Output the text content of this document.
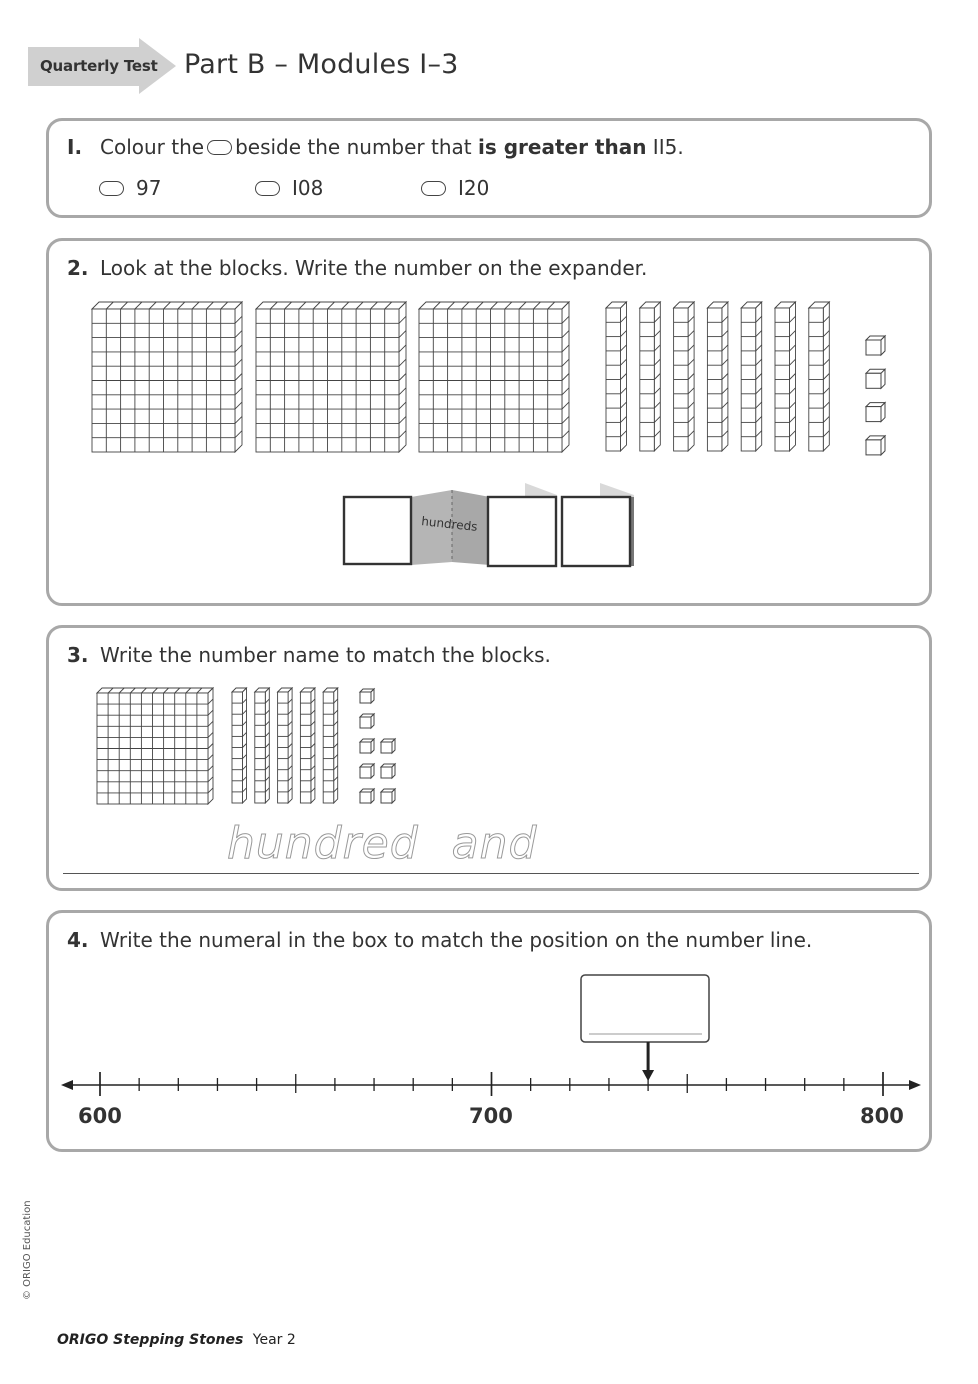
Quarterly Test Part B – Modules I–3
I. Colour the beside the number that is greater than II5.
97	I08	I20
2. Look at the blocks. Write the number on the expander.
hundreds
3. Write the number name to match the blocks.
hundred and
4. Write the numeral in the box to match the position on the number line.
600	700	800
© ORIGO Education
ORIGO Stepping Stones Year 2
